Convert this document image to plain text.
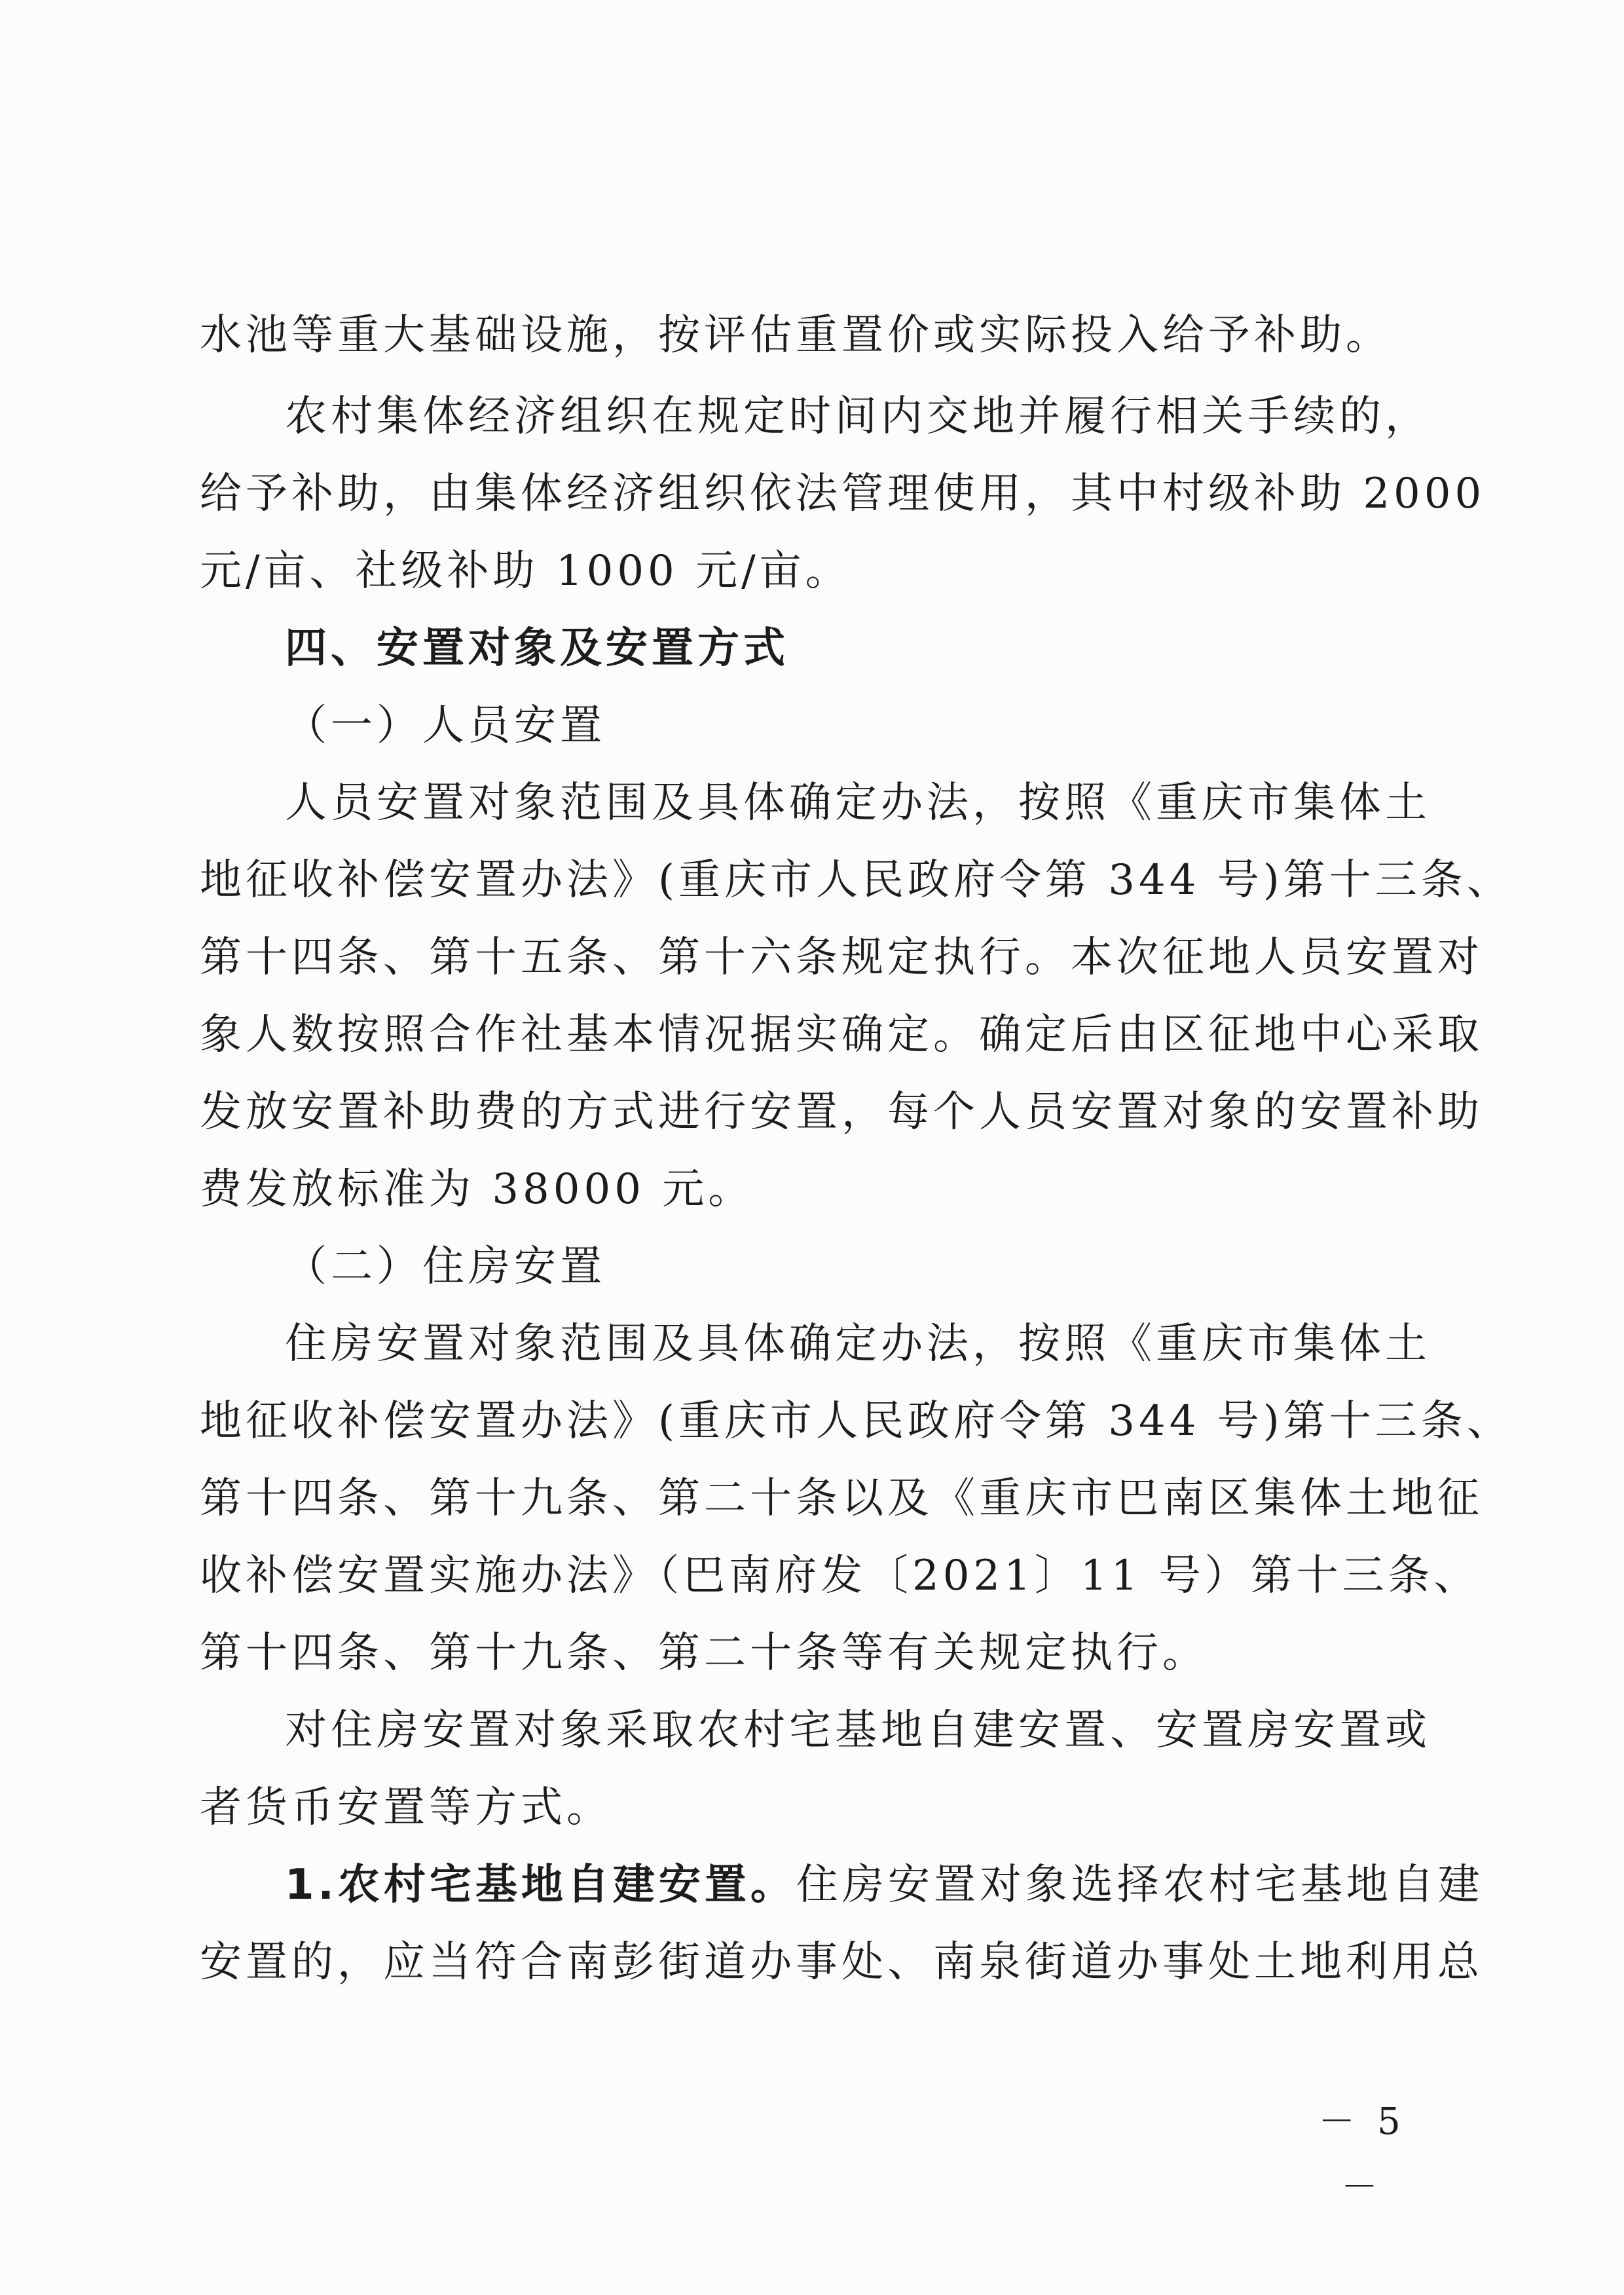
水池等重大基础设施，按评估重置价或实际投入给予补助。
农村集体经济组织在规定时间内交地并履行相关手续的，
给予补助，由集体经济组织依法管理使用，其中村级补助 2000
元/亩、社级补助 1000 元/亩。
四、安置对象及安置方式
（一）人员安置
人员安置对象范围及具体确定办法，按照《重庆市集体土
地征收补偿安置办法》(重庆市人民政府令第 344 号)第十三条、
第十四条、第十五条、第十六条规定执行。本次征地人员安置对
象人数按照合作社基本情况据实确定。确定后由区征地中心采取
发放安置补助费的方式进行安置，每个人员安置对象的安置补助
费发放标准为 38000 元。
（二）住房安置
住房安置对象范围及具体确定办法，按照《重庆市集体土
地征收补偿安置办法》(重庆市人民政府令第 344 号)第十三条、
第十四条、第十九条、第二十条以及《重庆市巴南区集体土地征
收补偿安置实施办法》（巴南府发〔2021〕11 号）第十三条、
第十四条、第十九条、第二十条等有关规定执行。
对住房安置对象采取农村宅基地自建安置、安置房安置或
者货币安置等方式。
1.农村宅基地自建安置。住房安置对象选择农村宅基地自建
安置的，应当符合南彭街道办事处、南泉街道办事处土地利用总
－ 5 －
